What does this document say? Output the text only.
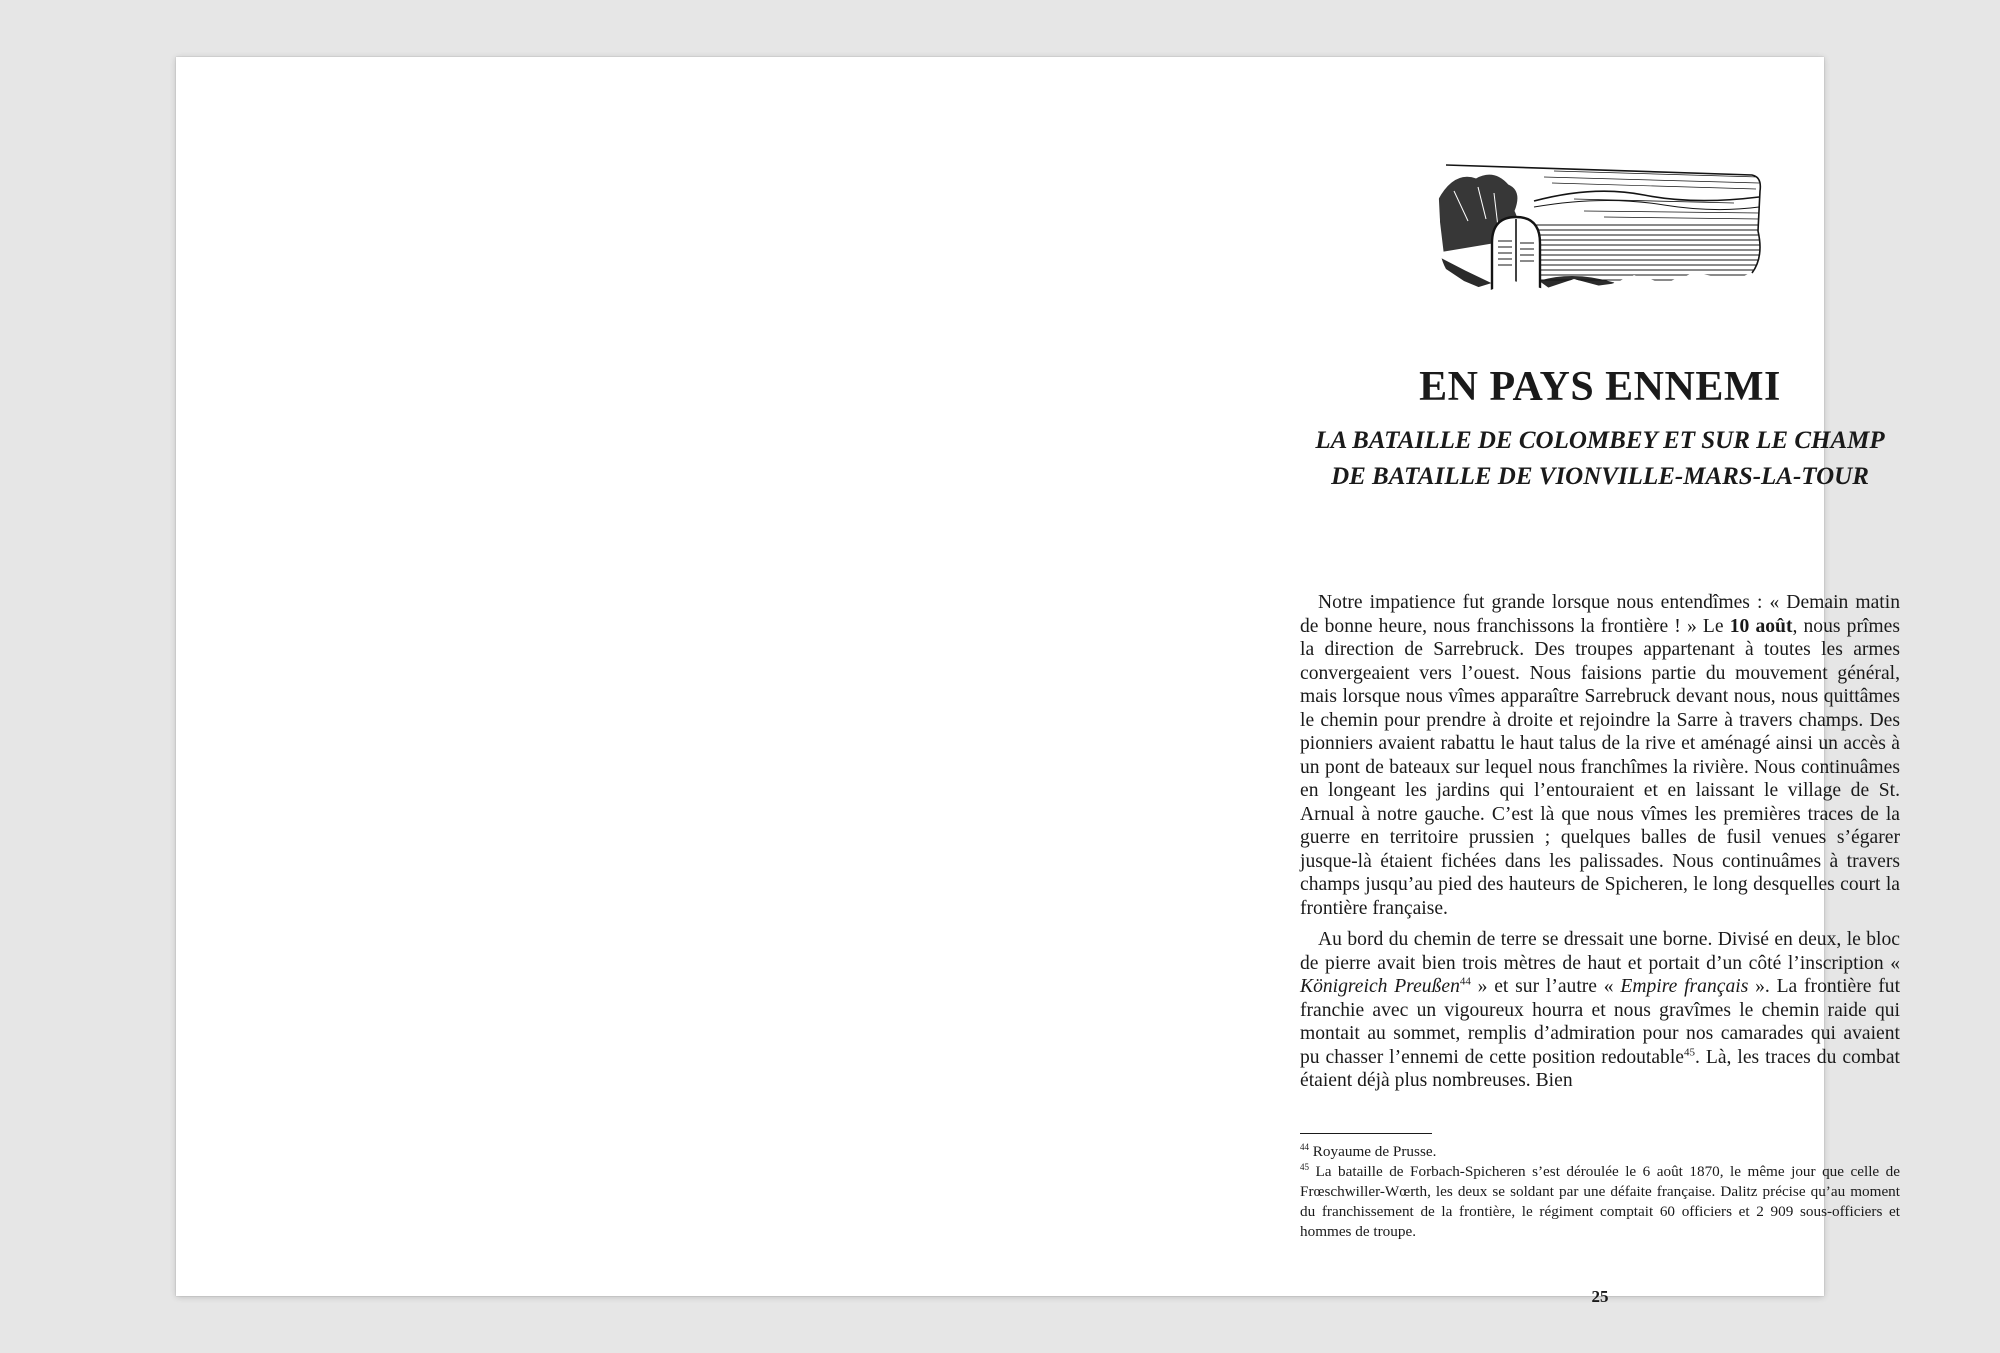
EN PAYS ENNEMI
LA BATAILLE DE COLOMBEY ET SUR LE CHAMP
DE BATAILLE DE VIONVILLE-MARS-LA-TOUR

Notre impatience fut grande lorsque nous entendîmes : « Demain matin de bonne heure, nous franchissons la frontière ! » Le 10 août, nous prîmes la direction de Sarrebruck. Des troupes appartenant à toutes les armes convergeaient vers l’ouest. Nous faisions partie du mouvement général, mais lorsque nous vîmes apparaître Sarrebruck devant nous, nous quittâmes le chemin pour prendre à droite et rejoindre la Sarre à travers champs. Des pionniers avaient rabattu le haut talus de la rive et aménagé ainsi un accès à un pont de bateaux sur lequel nous franchîmes la rivière. Nous continuâmes en longeant les jardins qui l’entouraient et en laissant le village de St. Arnual à notre gauche. C’est là que nous vîmes les premières traces de la guerre en territoire prussien ; quelques balles de fusil venues s’égarer jusque-là étaient fichées dans les palissades. Nous continuâmes à travers champs jusqu’au pied des hauteurs de Spicheren, le long desquelles court la frontière française.

Au bord du chemin de terre se dressait une borne. Divisé en deux, le bloc de pierre avait bien trois mètres de haut et portait d’un côté l’inscription « Königreich Preußen$^{44}$ » et sur l’autre « Empire français ». La frontière fut franchie avec un vigoureux hourra et nous gravîmes le chemin raide qui montait au sommet, remplis d’admiration pour nos camarades qui avaient pu chasser l’ennemi de cette position redoutable$^{45}$. Là, les traces du combat étaient déjà plus nombreuses. Bien

$^{44}$ Royaume de Prusse.

$^{45}$ La bataille de Forbach-Spicheren s’est déroulée le 6 août 1870, le même jour que celle de Frœschwiller-Wœrth, les deux se soldant par une défaite française. Dalitz précise qu’au moment du franchissement de la frontière, le régiment comptait 60 officiers et 2 909 sous-officiers et hommes de troupe.

25
